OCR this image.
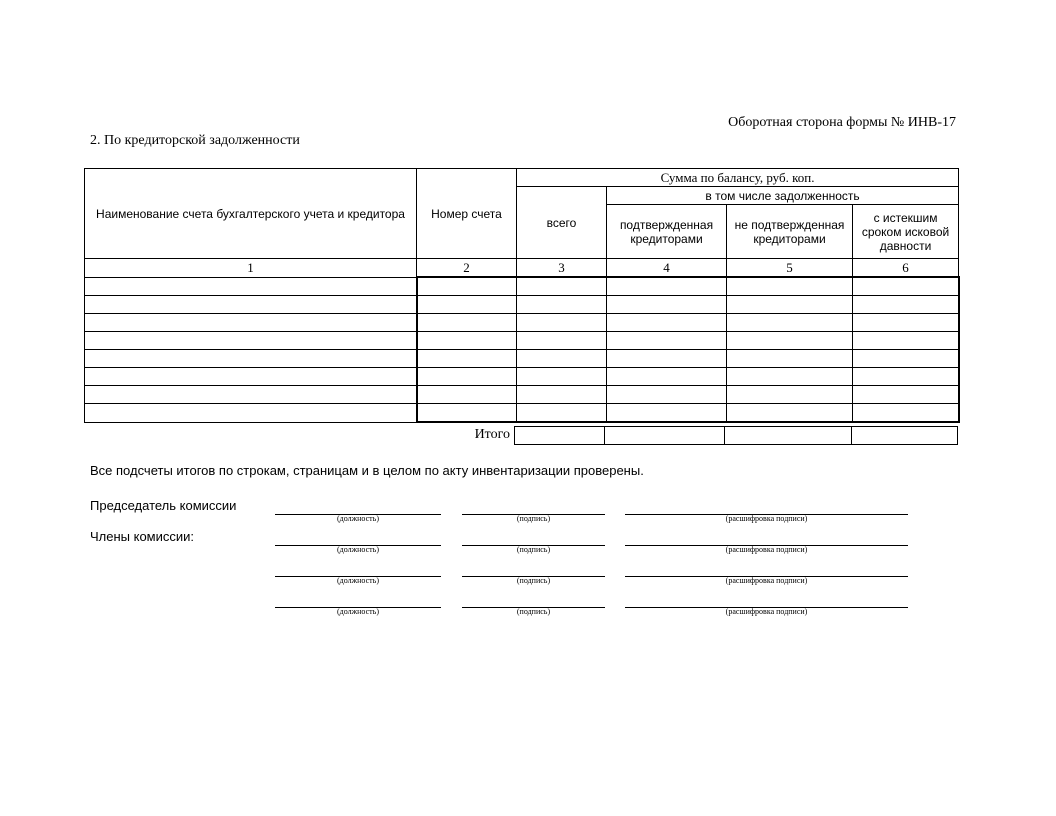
Оборотная сторона формы № ИНВ-17
2. По кредиторской задолженности
Наименование счета бухгалтерского учета и кредитора	Номер счета	Сумма по балансу, руб. коп.			
		всего	в том числе задолженность		
			подтвержденная кредиторами	не подтвержденная кредиторами	с истекшим сроком исковой давности
1	2	3	4	5	6

Итого

Все подсчеты итогов по строкам, страницам и в целом по акту инвентаризации проверены.
Председатель комиссии
Члены комиссии:
(должность)	(подпись)	(расшифровка подписи)
(должность)	(подпись)	(расшифровка подписи)
(должность)	(подпись)	(расшифровка подписи)
(должность)	(подпись)	(расшифровка подписи)
